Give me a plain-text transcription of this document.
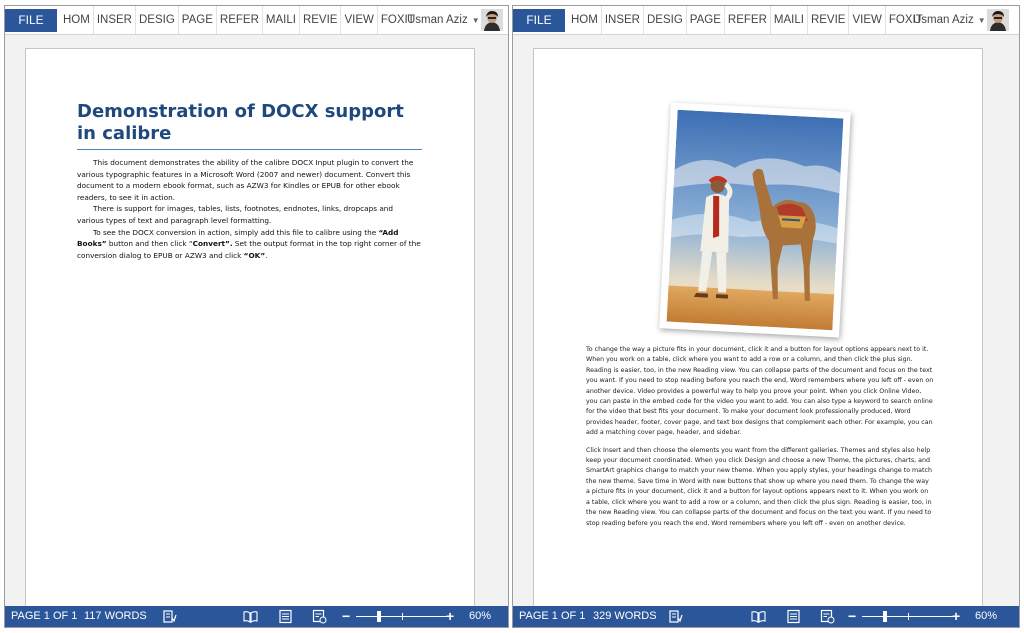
FILE	HOM INSER DESIG PAGE REFER MAILI REVIE VIEW FOXIT
Usman Aziz ▼
Demonstration of DOCX support in calibre

This document demonstrates the ability of the calibre DOCX Input plugin to convert the various typographic features in a Microsoft Word (2007 and newer) document. Convert this document to a modern ebook format, such as AZW3 for Kindles or EPUB for other ebook readers, to see it in action.

There is support for images, tables, lists, footnotes, endnotes, links, dropcaps and various types of text and paragraph level formatting.

To see the DOCX conversion in action, simply add this file to calibre using the “Add Books” button and then click “Convert”. Set the output format in the top right corner of the conversion dialog to EPUB or AZW3 and click “OK”.

PAGE 1 OF 1 117 WORDS	−	+ 60%
FILE	HOM INSER DESIG PAGE REFER MAILI REVIE VIEW FOXIT
Usman Aziz ▼

To change the way a picture fits in your document, click it and a button for layout options appears next to it. When you work on a table, click where you want to add a row or a column, and then click the plus sign. Reading is easier, too, in the new Reading view. You can collapse parts of the document and focus on the text you want. If you need to stop reading before you reach the end, Word remembers where you left off - even on another device. Video provides a powerful way to help you prove your point. When you click Online Video, you can paste in the embed code for the video you want to add. You can also type a keyword to search online for the video that best fits your document. To make your document look professionally produced, Word provides header, footer, cover page, and text box designs that complement each other. For example, you can add a matching cover page, header, and sidebar.

Click Insert and then choose the elements you want from the different galleries. Themes and styles also help keep your document coordinated. When you click Design and choose a new Theme, the pictures, charts, and SmartArt graphics change to match your new theme. When you apply styles, your headings change to match the new theme. Save time in Word with new buttons that show up where you need them. To change the way a picture fits in your document, click it and a button for layout options appears next to it. When you work on a table, click where you want to add a row or a column, and then click the plus sign. Reading is easier, too, in the new Reading view. You can collapse parts of the document and focus on the text you want. If you need to stop reading before you reach the end, Word remembers where you left off - even on another device.

PAGE 1 OF 1 329 WORDS	−	+ 60%
